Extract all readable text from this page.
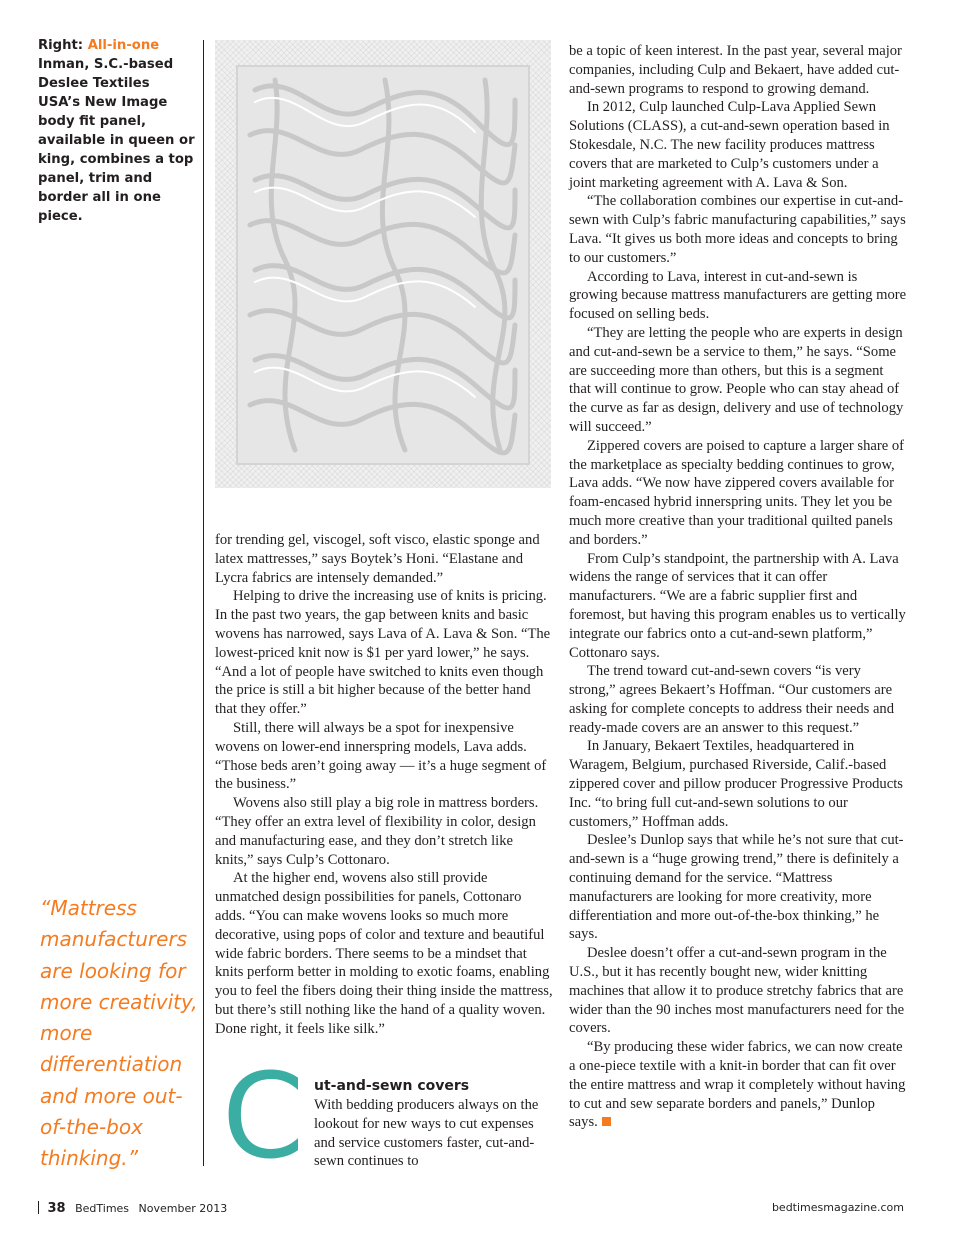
Right: All-in-one Inman, S.C.-based Deslee Textiles USA’s New Image body fit panel, available in queen or king, combines a top panel, trim and border all in one piece.
“Mattress manufacturers are looking for more creativity, more differentiation and more out-of-the-box thinking.”

for trending gel, viscogel, soft visco, elastic sponge and latex mattresses,” says Boytek’s Honi. “Elastane and Lycra fabrics are intensely demanded.”

Helping to drive the increasing use of knits is pricing. In the past two years, the gap between knits and basic wovens has narrowed, says Lava of A. Lava & Son. “The lowest-priced knit now is $1 per yard lower,” he says. “And a lot of people have switched to knits even though the price is still a bit higher because of the better hand that they offer.”

Still, there will always be a spot for inexpensive wovens on lower-end innerspring models, Lava adds. “Those beds aren’t going away — it’s a huge segment of the business.”

Wovens also still play a big role in mattress borders. “They offer an extra level of flexibility in color, design and manufacturing ease, and they don’t stretch like knits,” says Culp’s Cottonaro.

At the higher end, wovens also still provide unmatched design possibilities for panels, Cottonaro adds. “You can make wovens looks so much more decorative, using pops of color and texture and beautiful wide fabric borders. There seems to be a mindset that knits perform better in molding to exotic foams, enabling you to feel the fibers doing their thing inside the mattress, but there’s still nothing like the hand of a quality woven. Done right, it feels like silk.”

C ut-and-sewn covers

With bedding producers always on the lookout for new ways to cut expenses and service customers faster, cut-and-sewn continues to

be a topic of keen interest. In the past year, several major companies, including Culp and Bekaert, have added cut-and-sewn programs to respond to growing demand.

In 2012, Culp launched Culp-Lava Applied Sewn Solutions (CLASS), a cut-and-sewn operation based in Stokesdale, N.C. The new facility produces mattress covers that are marketed to Culp’s customers under a joint marketing agreement with A. Lava & Son.

“The collaboration combines our expertise in cut-and-sewn with Culp’s fabric manufacturing capabilities,” says Lava. “It gives us both more ideas and concepts to bring to our customers.”

According to Lava, interest in cut-and-sewn is growing because mattress manufacturers are getting more focused on selling beds.

“They are letting the people who are experts in design and cut-and-sewn be a service to them,” he says. “Some are succeeding more than others, but this is a segment that will continue to grow. People who can stay ahead of the curve as far as design, delivery and use of technology will succeed.”

Zippered covers are poised to capture a larger share of the marketplace as specialty bedding continues to grow, Lava adds. “We now have zippered covers available for foam-encased hybrid innerspring units. They let you be much more creative than your traditional quilted panels and borders.”

From Culp’s standpoint, the partnership with A. Lava widens the range of services that it can offer manufacturers. “We are a fabric supplier first and foremost, but having this program enables us to vertically integrate our fabrics onto a cut-and-sewn platform,” Cottonaro says.

The trend toward cut-and-sewn covers “is very strong,” agrees Bekaert’s Hoffman. “Our customers are asking for complete concepts to address their needs and ready-made covers are an answer to this request.”

In January, Bekaert Textiles, headquartered in Waragem, Belgium, purchased Riverside, Calif.-based zippered cover and pillow producer Progressive Products Inc. “to bring full cut-and-sewn solutions to our customers,” Hoffman adds.

Deslee’s Dunlop says that while he’s not sure that cut-and-sewn is a “huge growing trend,” there is definitely a continuing demand for the service. “Mattress manufacturers are looking for more creativity, more differentiation and more out-of-the-box thinking,” he says.

Deslee doesn’t offer a cut-and-sewn program in the U.S., but it has recently bought new, wider knitting machines that allow it to produce stretchy fabrics that are wider than the 90 inches most manufacturers need for the covers.

“By producing these wider fabrics, we can now create a one-piece textile with a knit-in border that can fit over the entire mattress and wrap it completely without having to cut and sew separate borders and panels,” Dunlop says.

38 BedTimes November 2013	bedtimesmagazine.com
